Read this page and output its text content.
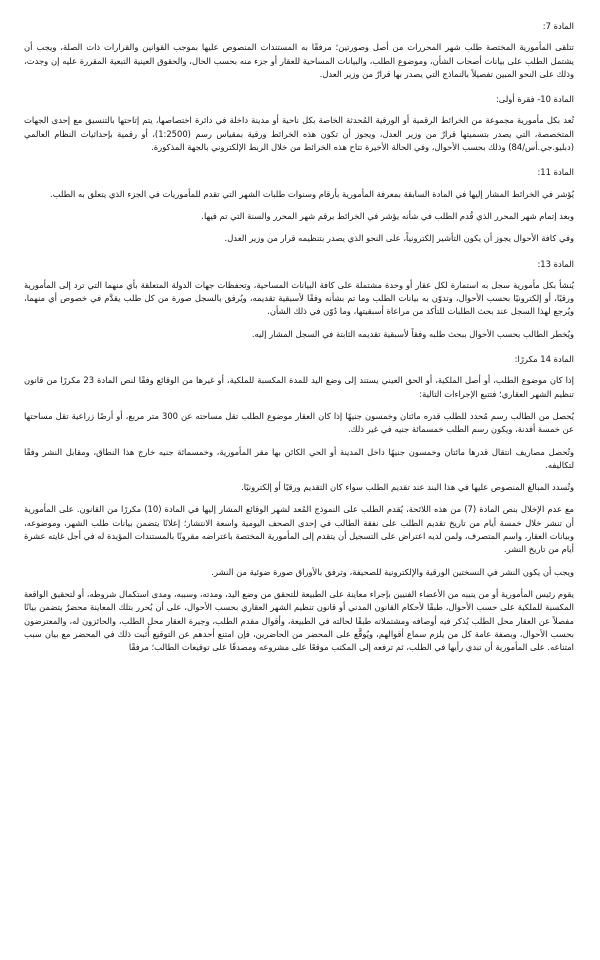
المادة 7:

تتلقى المأمورية المختصة طلب شهر المحررات من أصل وصورتين؛ مرفقًا به المستندات المنصوص عليها بموجب القوانين والقرارات ذات الصلة، ويجب أن يشتمل الطلب على بيانات أصحاب الشأن، وموضوع الطلب، والبيانات المساحية للعقار أو جزء منه بحسب الحال، والحقوق العينية التبعية المقررة عليه إن وجدت، وذلك على النحو المبين تفصيلاً بالنماذج التي يصدر بها قرارٌ من وزير العدل.

المادة 10- فقرة أولى:

تُعد بكل مأمورية مجموعة من الخرائط الرقمية أو الورقية المُحدثة الخاصة بكل ناحية أو مدينة داخلة في دائرة اختصاصها، يتم إتاحتها بالتنسيق مع إحدى الجهات المتخصصة، التي يصدر بتسميتها قرارٌ من وزير العدل، ويجوز أن تكون هذه الخرائط ورقية بمقياس رسم (1:2500)، أو رقمية بإحداثيات النظام العالمي (دبليو.جي.أس/84) وذلك بحسب الأحوال، وفي الحالة الأخيرة تتاح هذه الخرائط من خلال الربط الإلكتروني بالجهة المذكورة.

المادة 11:

يُؤشر في الخرائط المشار إليها في المادة السابقة بمعرفة المأمورية بأرقام وسنوات طلبات الشهر التي تقدم للمأموريات في الجزء الذي يتعلق به الطلب.

وبعد إتمام شهر المحرر الذي قُدم الطلب في شأنه يؤشر في الخرائط برقم شهر المحرر والسنة التي تم فيها.

وفي كافة الأحوال يجوز أن يكون التأشير إلكترونياً، على النحو الذي يصدر بتنظيمه قرار من وزير العدل.

المادة 13:

يُنشأ بكل مأمورية سجل به استمارة لكل عقار أو وحدة مشتملة على كافة البيانات المساحية، وتحفظات جهات الدولة المتعلقة بأي منهما التي ترد إلى المأمورية ورقيًا، أو إلكترونيًا بحسب الأحوال، وتدوّن به بيانات الطلب وما تم بشأنه وفقًا لأسبقية تقديمه، ويُرفق بالسجل صورة من كل طلب يقدَّم في خصوص أي منهما، ويُرجع لهذا السجل عند بحث الطلبات للتأكد من مراعاة أسبقيتها، وما دُوّن في ذلك الشأن.

ويُخطر الطالب بحسب الأحوال ببحث طلبه وفقاً لأسبقية تقديمه الثابتة في السجل المشار إليه.

المادة 14 مكررًا:

إذا كان موضوع الطلب، أو أصل الملكية، أو الحق العيني يستند إلى وضع اليد للمدة المكسبة للملكية، أو غيرها من الوقائع وفقًا لنص المادة 23 مكررًا من قانون تنظيم الشهر العقاري؛ فتتبع الإجراءات التالية:

يُحصل من الطالب رسم مُحدد للطلب قدره مائتان وخمسون جنيهًا إذا كان العقار موضوع الطلب تقل مساحته عن 300 متر مربع، أو أرضًا زراعية تقل مساحتها عن خمسة أفدنة، ويكون رسم الطلب خمسمائة جنيه في غير ذلك.

وتُحصل مصاريف انتقال قدرها مائتان وخمسون جنيهًا داخل المدينة أو الحي الكائن بها مقر المأمورية، وخمسمائة جنيه خارج هذا النطاق، ومقابل النشر وفقًا لتكاليفه.

وتُسدد المبالغ المنصوص عليها في هذا البند عند تقديم الطلب سواء كان التقديم ورقيًا أو إلكترونيًا.

مع عدم الإخلال بنص المادة (7) من هذه اللائحة، يُقدم الطلب على النموذج المُعد لشهر الوقائع المشار إليها في المادة (10) مكررًا من القانون. على المأمورية أن تنشر خلال خمسة أيام من تاريخ تقديم الطلب على نفقة الطالب في إحدى الصحف اليومية واسعة الانتشار؛ إعلانًا يتضمن بيانات طلب الشهر، وموضوعه، وبيانات العقار، واسم المتصرف، ولمن لديه اعتراض على التسجيل أن يتقدم إلى المأمورية المختصة باعتراضه مقرونًا بالمستندات المؤيدة له في أجل غايته عشرة أيام من تاريخ النشر.

ويجب أن يكون النشر في النسختين الورقية والإلكترونية للصحيفة، وترفق بالأوراق صورة ضوئية من النشر.

يقوم رئيس المأمورية أو من ينيبه من الأعضاء الفنيين بإجراء معاينة على الطبيعة للتحقق من وضع اليد، ومدته، وسببه، ومدى استكمال شروطه، أو لتحقيق الواقعة المكسبة للملكية على حسب الأحوال، طبقًا لأحكام القانون المدني أو قانون تنظيم الشهر العقاري بحسب الأحوال، على أن يُحرر بتلك المعاينة محضرٌ يتضمن بيانًا مفصلاً عن العقار محل الطلب يُذكر فيه أوصافه ومشتملاته طبقًا لحالته في الطبيعة، وأقوال مقدم الطلب، وجيرة العقار محل الطلب، والحائزون له، والمعترضون بحسب الأحوال، وبصفة عامة كل من يلزم سماع أقوالهم، ويُوقَّع على المحضر من الحاضرين، فإن امتنع أحدهم عن التوقيع أُثبت ذلك في المحضر مع بيان سبب امتناعه. على المأمورية أن تبدي رأيها في الطلب، ثم ترفعه إلى المكتب موقعًا على مشروعه ومصدقًا على توقيعات الطالب؛ مرفقًا
